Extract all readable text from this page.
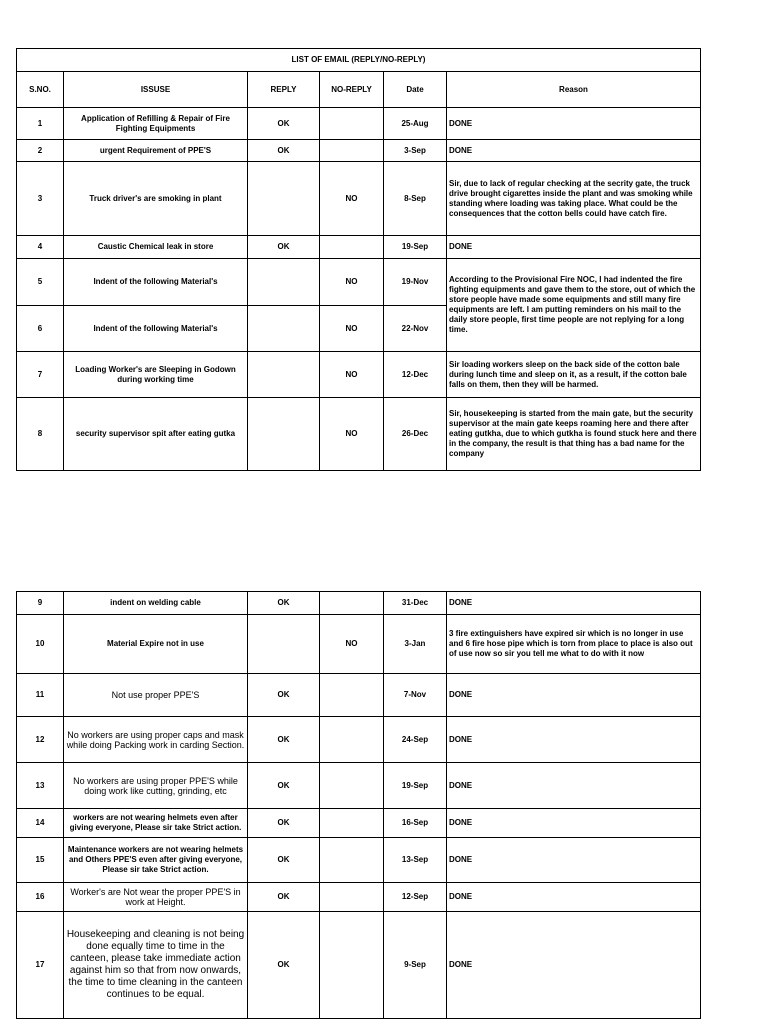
LIST OF EMAIL (REPLY/NO-REPLY)					
S.NO.	ISSUSE	REPLY	NO-REPLY	Date	Reason
1	Application of Refilling & Repair of Fire Fighting Equipments	OK		25-Aug	DONE
2	urgent Requirement of PPE'S	OK		3-Sep	DONE
3	Truck driver's are smoking in plant		NO	8-Sep	Sir, due to lack of regular checking at the secrity gate, the truck drive brought cigarettes inside the plant and was smoking while standing where loading was taking place. What could be the consequences that the cotton bells could have catch fire.
4	Caustic Chemical leak in store	OK		19-Sep	DONE
5	Indent of the following Material's		NO	19-Nov	According to the Provisional Fire NOC, I had indented the fire fighting equipments and gave them to the store, out of which the store people have made some equipments and still many fire equipments are left. I am putting reminders on his mail to the daily store people, first time people are not replying for a long time.
6	Indent of the following Material's		NO	22-Nov	
7	Loading Worker's are Sleeping in Godown during working time		NO	12-Dec	Sir loading workers sleep on the back side of the cotton bale during lunch time and sleep on it, as a result, if the cotton bale falls on them, then they will be harmed.
8	security supervisor spit after eating gutka		NO	26-Dec	Sir, housekeeping is started from the main gate, but the security supervisor at the main gate keeps roaming here and there after eating gutkha, due to which gutkha is found stuck here and there in the company, the result is that thing has a bad name for the company
9	indent on welding cable	OK		31-Dec	DONE
10	Material Expire not in use		NO	3-Jan	3 fire extinguishers have expired sir which is no longer in use and 6 fire hose pipe which is torn from place to place is also out of use now so sir you tell me what to do with it now
11	Not use proper PPE'S	OK		7-Nov	DONE
12	No workers are using proper caps and mask while doing Packing work in carding Section.	OK		24-Sep	DONE
13	No workers are using proper PPE'S while doing work like cutting, grinding, etc	OK		19-Sep	DONE
14	workers are not wearing helmets even after giving everyone, Please sir take Strict action.	OK		16-Sep	DONE
15	Maintenance workers are not wearing helmets and Others PPE'S even after giving everyone, Please sir take Strict action.	OK		13-Sep	DONE
16	Worker's are Not wear the proper PPE'S in work at Height.	OK		12-Sep	DONE
17	Housekeeping and cleaning is not being done equally time to time in the canteen, please take immediate action against him so that from now onwards, the time to time cleaning in the canteen continues to be equal.	OK		9-Sep	DONE
